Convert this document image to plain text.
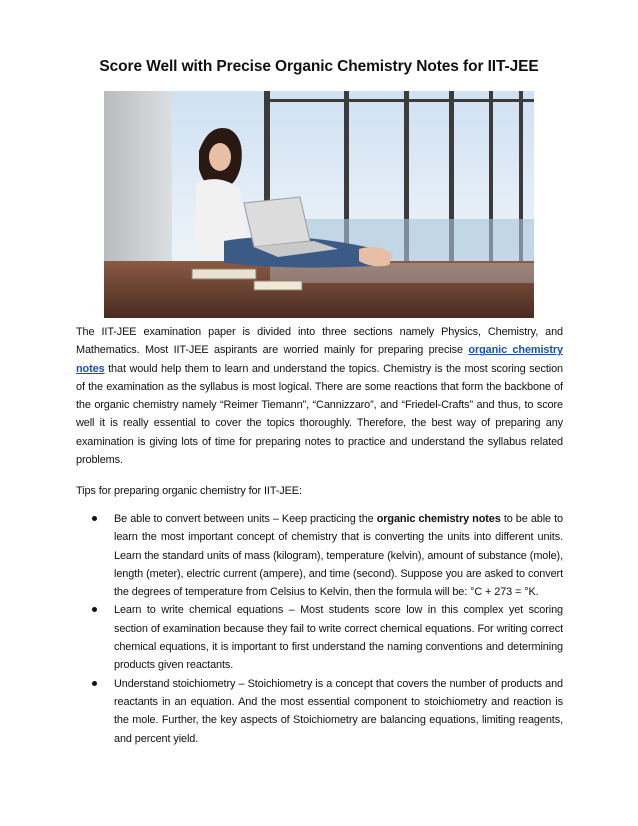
Score Well with Precise Organic Chemistry Notes for IIT-JEE
The IIT-JEE examination paper is divided into three sections namely Physics, Chemistry, and Mathematics. Most IIT-JEE aspirants are worried mainly for preparing precise organic chemistry notes that would help them to learn and understand the topics. Chemistry is the most scoring section of the examination as the syllabus is most logical. There are some reactions that form the backbone of the organic chemistry namely “Reimer Tiemann”, “Cannizzaro”, and “Friedel-Crafts” and thus, to score well it is really essential to cover the topics thoroughly. Therefore, the best way of preparing any examination is giving lots of time for preparing notes to practice and understand the syllabus related problems.
Tips for preparing organic chemistry for IIT-JEE:
Be able to convert between units – Keep practicing the organic chemistry notes to be able to learn the most important concept of chemistry that is converting the units into different units. Learn the standard units of mass (kilogram), temperature (kelvin), amount of substance (mole), length (meter), electric current (ampere), and time (second). Suppose you are asked to convert the degrees of temperature from Celsius to Kelvin, then the formula will be: °C + 273 = °K.
Learn to write chemical equations – Most students score low in this complex yet scoring section of examination because they fail to write correct chemical equations. For writing correct chemical equations, it is important to first understand the naming conventions and determining products given reactants.
Understand stoichiometry – Stoichiometry is a concept that covers the number of products and reactants in an equation. And the most essential component to stoichiometry and reaction is the mole. Further, the key aspects of Stoichiometry are balancing equations, limiting reagents, and percent yield.
